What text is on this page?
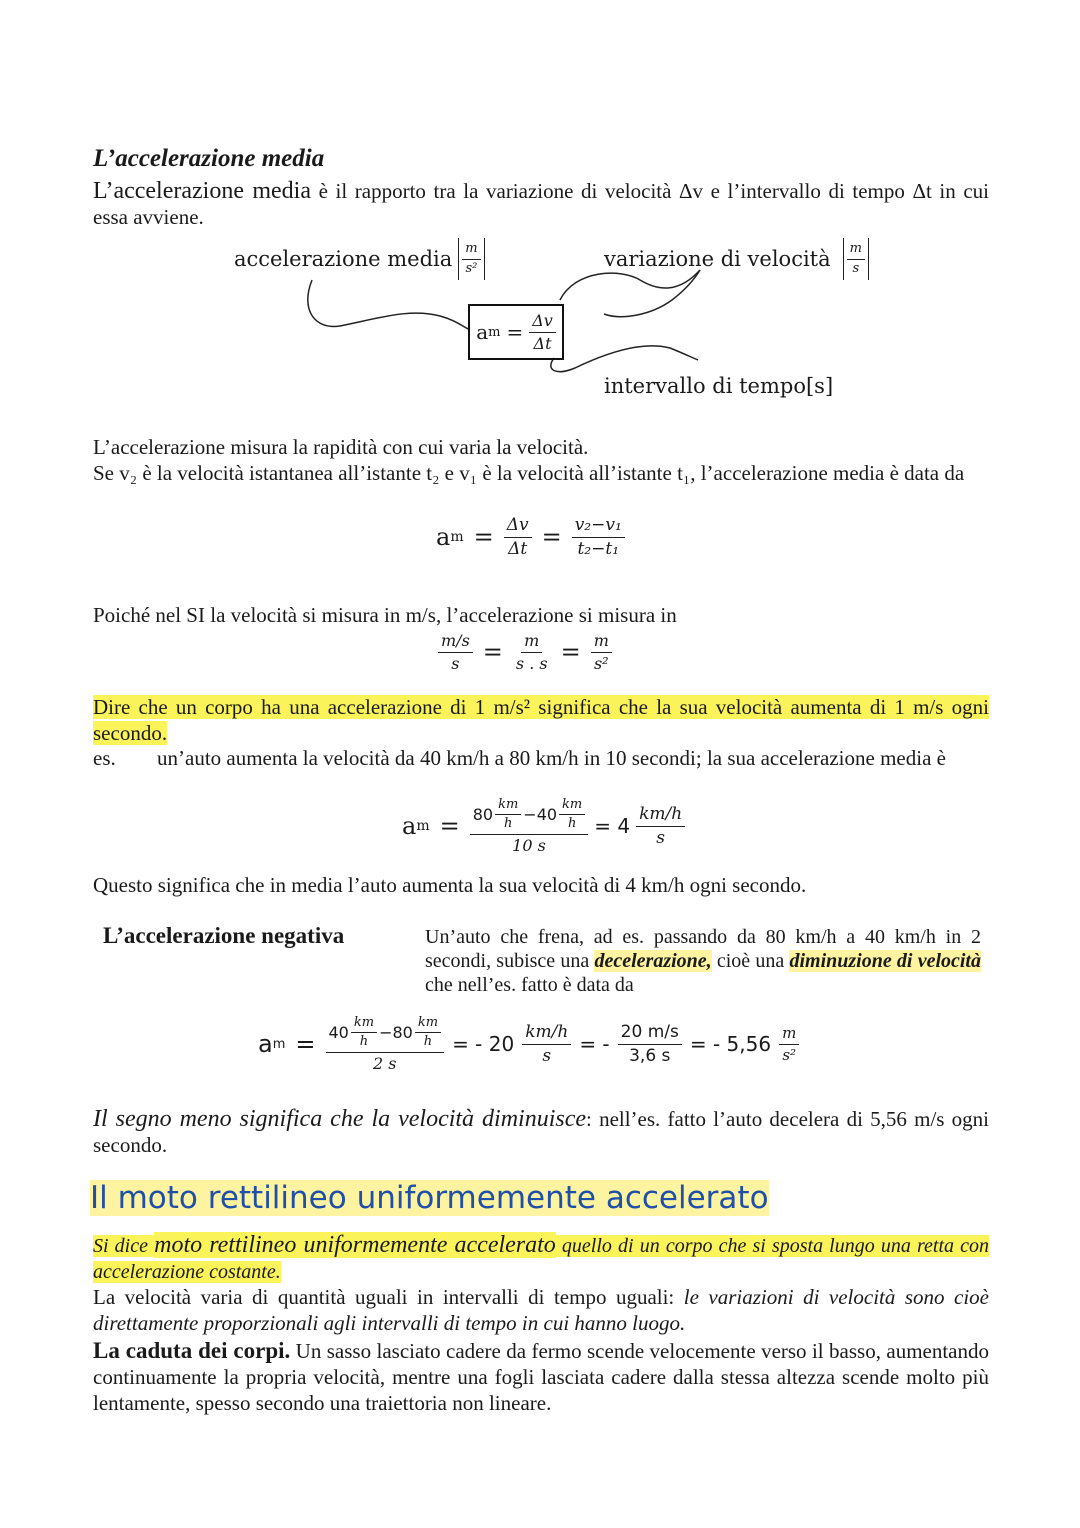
L’accelerazione media
L’accelerazione media è il rapporto tra la variazione di velocità Δv e l’intervallo di tempo Δt in cui essa avviene.
accelerazione media $\frac{m}{\text{s²}}$	variazione di velocità $\frac{m}{s}$
a $m = \frac{\Delta v}{\Delta t}$
intervallo di tempo[s]
L’accelerazione misura la rapidità con cui varia la velocità.
Se v₂ è la velocità istantanea all’istante t₂ e v₁ è la velocità all’istante t₁, l’accelerazione media è data da
a $m = \frac{\Delta v}{\Delta t} = \frac{\text{v₂−v₁}}{\text{t₂−t₁}}$
Poiché nel SI la velocità si misura in m/s, l’accelerazione si misura in
$\frac{m/s}{s} = \frac{m}{s . s} = \frac{m}{\text{s²}}$
Dire che un corpo ha una accelerazione di 1 m/s² significa che la sua velocità aumenta di 1 m/s ogni secondo.
es. un’auto aumenta la velocità da 40 km/h a 80 km/h in 10 secondi; la sua accelerazione media è
a $m = \frac{80 \frac{km}{h} -40 \frac{km}{h}}{10 s} = 4 \frac{km/h}{s}$
Questo significa che in media l’auto aumenta la sua velocità di 4 km/h ogni secondo.
L’accelerazione negativa	Un’auto che frena, ad es. passando da 80 km/h a 40 km/h in 2 secondi, subisce una decelerazione, cioè una diminuzione di velocità che nell’es. fatto è data da
a $m = \frac{40 \frac{km}{h} -80 \frac{km}{h}}{2 s}$ = - $20 \frac{km/h}{s}$ = - $\frac{20 m/s}{3,6 s}$ = - $5,56 \frac{m}{\text{s²}}$
Il segno meno significa che la velocità diminuisce: nell’es. fatto l’auto decelera di 5,56 m/s ogni secondo.
Il moto rettilineo uniformemente accelerato
Si dice moto rettilineo uniformemente accelerato quello di un corpo che si sposta lungo una retta con accelerazione costante.
La velocità varia di quantità uguali in intervalli di tempo uguali: le variazioni di velocità sono cioè direttamente proporzionali agli intervalli di tempo in cui hanno luogo.
La caduta dei corpi. Un sasso lasciato cadere da fermo scende velocemente verso il basso, aumentando continuamente la propria velocità, mentre una fogli lasciata cadere dalla stessa altezza scende molto più lentamente, spesso secondo una traiettoria non lineare.
